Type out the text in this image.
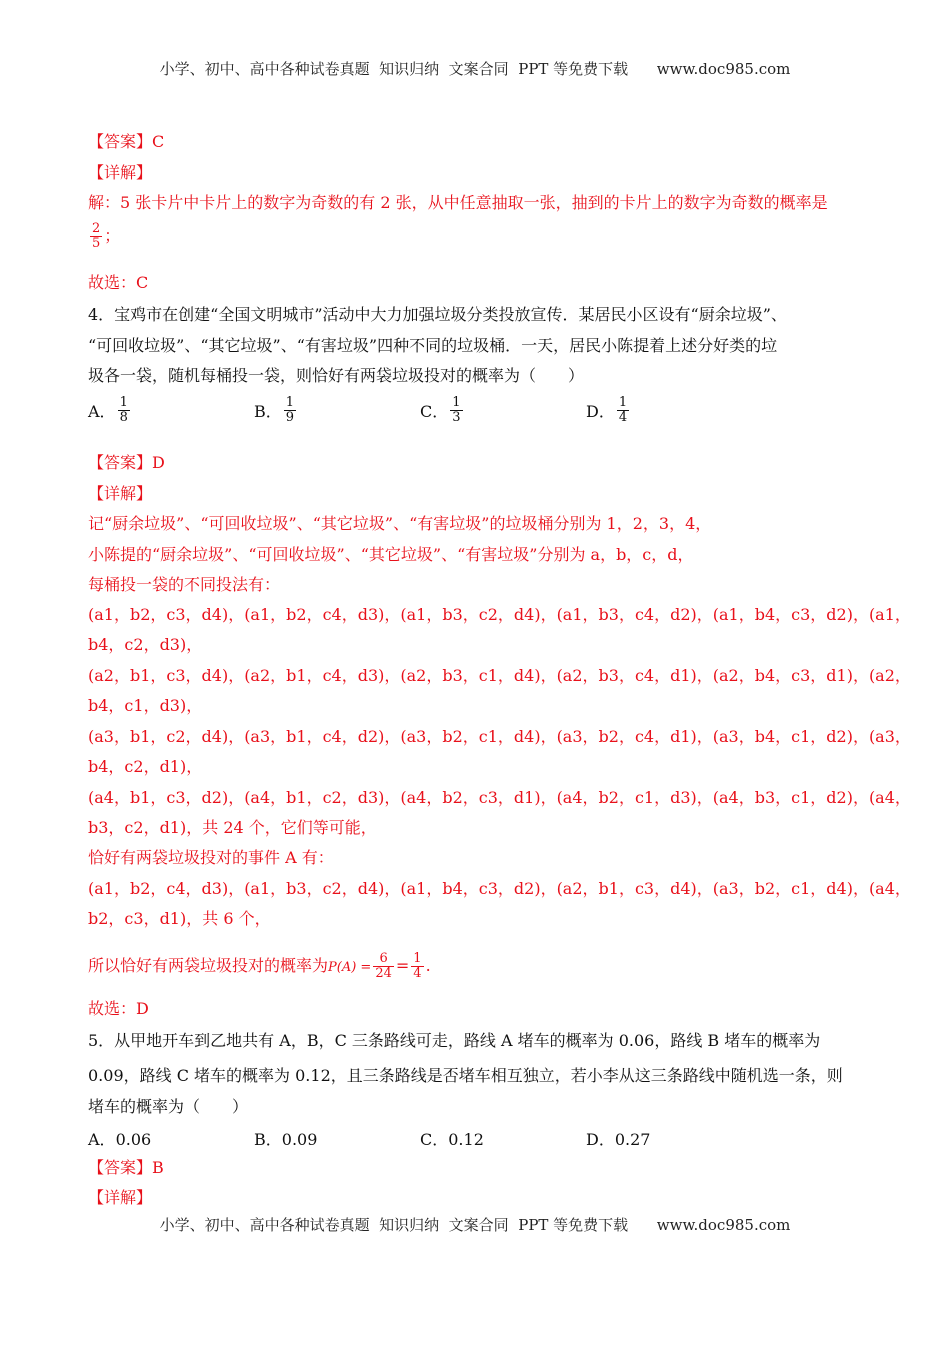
小学、初中、高中各种试卷真题  知识归纳  文案合同  PPT 等免费下载      www.doc985.com
【答案】C
【详解】
解：5 张卡片中卡片上的数字为奇数的有 2 张，从中任意抽取一张，抽到的卡片上的数字为奇数的概率是
$\frac{2}{5}$ ；
故选：C
4．宝鸡市在创建“全国文明城市”活动中大力加强垃圾分类投放宣传．某居民小区设有“厨余垃圾”、
“可回收垃圾”、“其它垃圾”、“有害垃圾”四种不同的垃圾桶．一天，居民小陈提着上述分好类的垃
圾各一袋，随机每桶投一袋，则恰好有两袋垃圾投对的概率为（　　）
A． $\frac{1}{8}$	B． $\frac{1}{9}$	C． $\frac{1}{3}$	D． $\frac{1}{4}$
【答案】D
【详解】
记“厨余垃圾”、“可回收垃圾”、“其它垃圾”、“有害垃圾”的垃圾桶分别为 1，2，3，4，
小陈提的“厨余垃圾”、“可回收垃圾”、“其它垃圾”、“有害垃圾”分别为 a，b，c，d，
每桶投一袋的不同投法有：
(a1，b2，c3，d4)，(a1，b2，c4，d3)，(a1，b3，c2，d4)，(a1，b3，c4，d2)，(a1，b4，c3，d2)，(a1，
b4，c2，d3)，
(a2，b1，c3，d4)，(a2，b1，c4，d3)，(a2，b3，c1，d4)，(a2，b3，c4，d1)，(a2，b4，c3，d1)，(a2，
b4，c1，d3)，
(a3，b1，c2，d4)，(a3，b1，c4，d2)，(a3，b2，c1，d4)，(a3，b2，c4，d1)，(a3，b4，c1，d2)，(a3，
b4，c2，d1)，
(a4，b1，c3，d2)，(a4，b1，c2，d3)，(a4，b2，c3，d1)，(a4，b2，c1，d3)，(a4，b3，c1，d2)，(a4，
b3，c2，d1)，共 24 个，它们等可能，
恰好有两袋垃圾投对的事件 A 有：
(a1，b2，c4，d3)，(a1，b3，c2，d4)，(a1，b4，c3，d2)，(a2，b1，c3，d4)，(a3，b2，c1，d4)，(a4，
b2，c3，d1)，共 6 个，
所以恰好有两袋垃圾投对的概率为$P(A) = \frac{6}{24} = \frac{1}{4}$ .
故选：D
5．从甲地开车到乙地共有 A，B，C 三条路线可走，路线 A 堵车的概率为 0.06，路线 B 堵车的概率为
0.09，路线 C 堵车的概率为 0.12，且三条路线是否堵车相互独立，若小李从这三条路线中随机选一条，则
堵车的概率为（　　）
A．0.06	B．0.09	C．0.12	D．0.27
【答案】B
【详解】
小学、初中、高中各种试卷真题  知识归纳  文案合同  PPT 等免费下载      www.doc985.com
